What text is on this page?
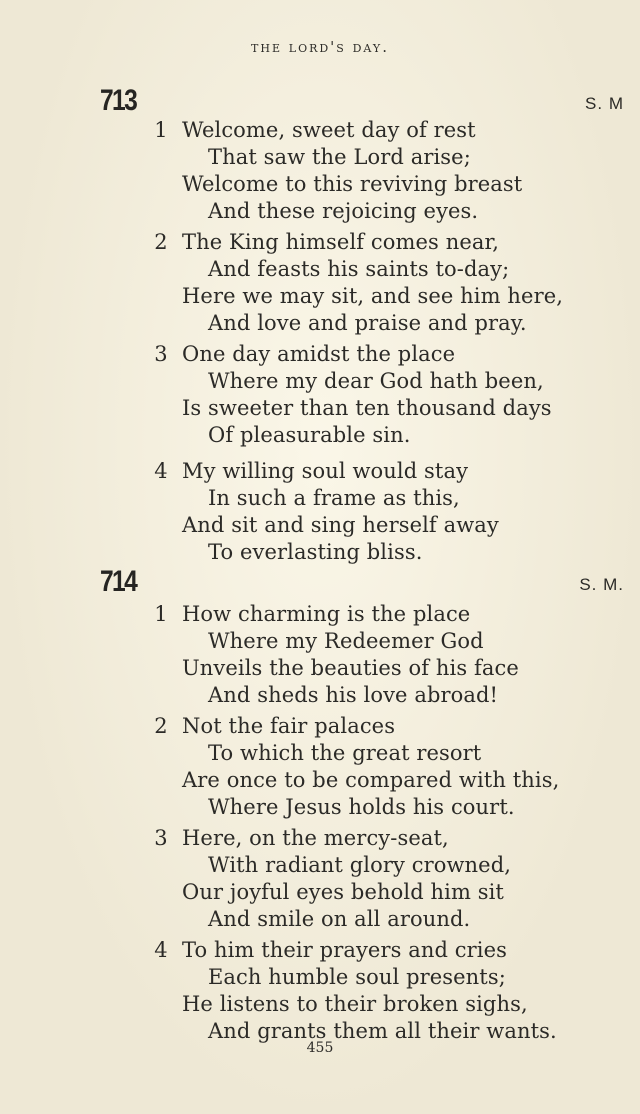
the lord's day.
713	S. M
1 Welcome, sweet day of rest
That saw the Lord arise;
Welcome to this reviving breast
And these rejoicing eyes.
2 The King himself comes near,
And feasts his saints to-day;
Here we may sit, and see him here,
And love and praise and pray.
3 One day amidst the place
Where my dear God hath been,
Is sweeter than ten thousand days
Of pleasurable sin.
4 My willing soul would stay
In such a frame as this,
And sit and sing herself away
To everlasting bliss.
714	S. M.
1 How charming is the place
Where my Redeemer God
Unveils the beauties of his face
And sheds his love abroad!
2 Not the fair palaces
To which the great resort
Are once to be compared with this,
Where Jesus holds his court.
3 Here, on the mercy-seat,
With radiant glory crowned,
Our joyful eyes behold him sit
And smile on all around.
4 To him their prayers and cries
Each humble soul presents;
He listens to their broken sighs,
And grants them all their wants.
455
